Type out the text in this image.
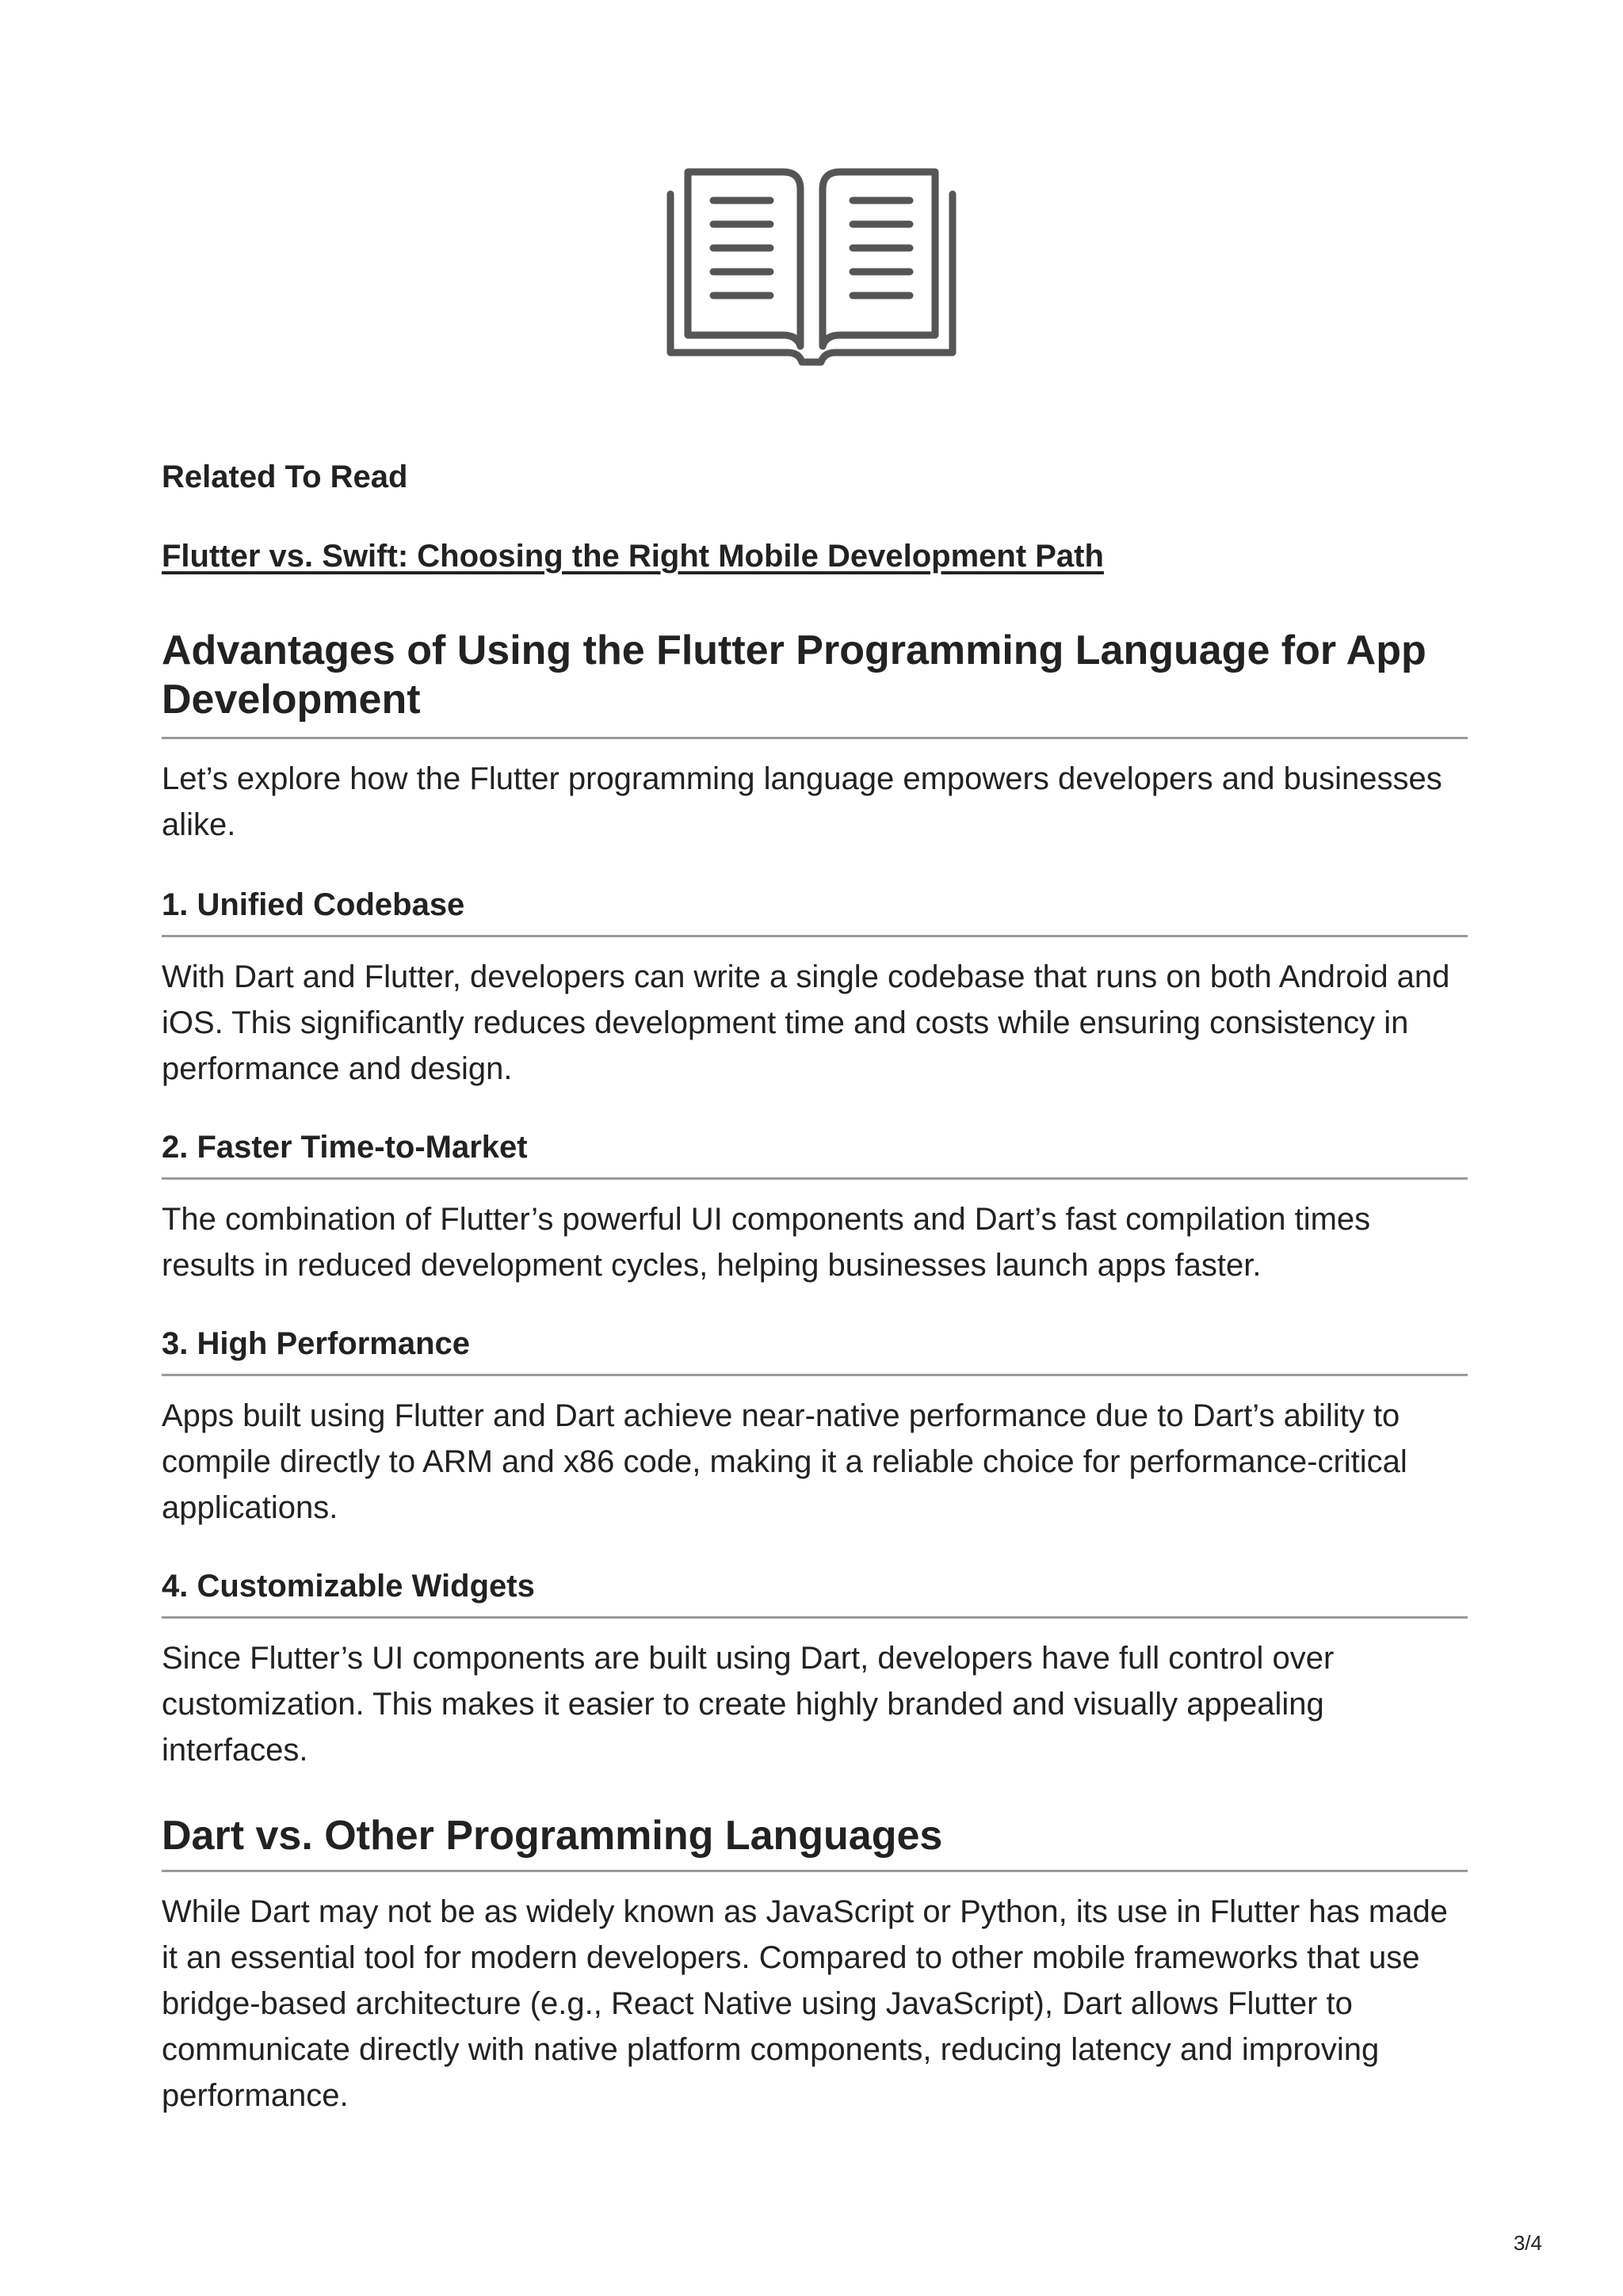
Related To Read

Flutter vs. Swift: Choosing the Right Mobile Development Path
Advantages of Using the Flutter Programming Language for App Development

Let’s explore how the Flutter programming language empowers developers and businesses alike.

1. Unified Codebase

With Dart and Flutter, developers can write a single codebase that runs on both Android and iOS. This significantly reduces development time and costs while ensuring consistency in performance and design.

2. Faster Time-to-Market

The combination of Flutter’s powerful UI components and Dart’s fast compilation times results in reduced development cycles, helping businesses launch apps faster.

3. High Performance

Apps built using Flutter and Dart achieve near-native performance due to Dart’s ability to compile directly to ARM and x86 code, making it a reliable choice for performance-critical applications.

4. Customizable Widgets

Since Flutter’s UI components are built using Dart, developers have full control over customization. This makes it easier to create highly branded and visually appealing interfaces.

Dart vs. Other Programming Languages

While Dart may not be as widely known as JavaScript or Python, its use in Flutter has made it an essential tool for modern developers. Compared to other mobile frameworks that use bridge-based architecture (e.g., React Native using JavaScript), Dart allows Flutter to communicate directly with native platform components, reducing latency and improving performance.

3/4
